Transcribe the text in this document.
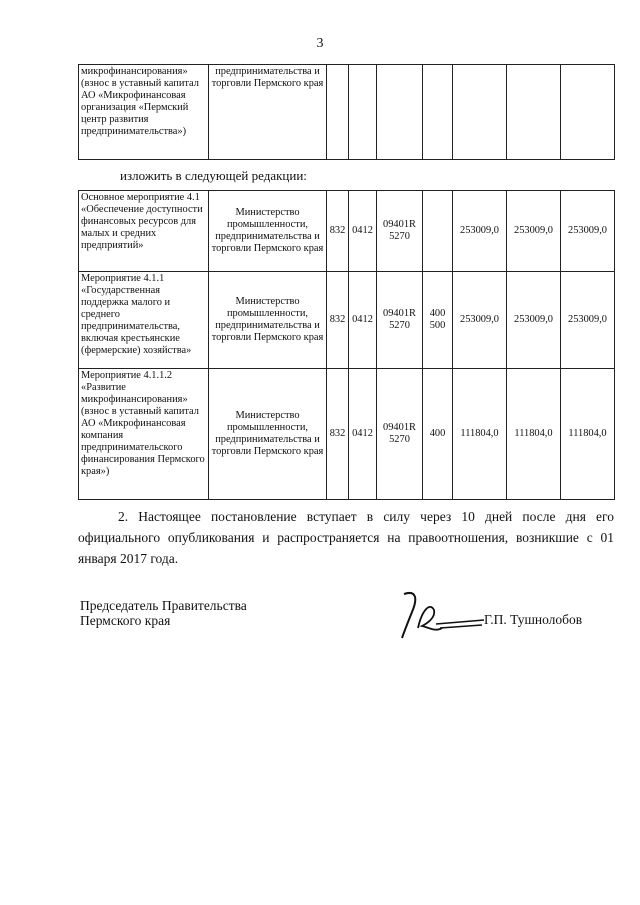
3
микрофинансирования» (взнос в уставный капитал АО «Микрофинансовая организация «Пермский центр развития предпринимательства»)	предпринимательства и торговли Пермского края							
изложить в следующей редакции:
Основное мероприятие 4.1 «Обеспечение доступности финансовых ресурсов для малых и средних предприятий»	Министерство промышленности, предпринимательства и торговли Пермского края	832	0412	09401R 5270		253009,0	253009,0	253009,0
Мероприятие 4.1.1 «Государственная поддержка малого и среднего предпринимательства, включая крестьянские (фермерские) хозяйства»	Министерство промышленности, предпринимательства и торговли Пермского края	832	0412	09401R 5270	400 500	253009,0	253009,0	253009,0
Мероприятие 4.1.1.2 «Развитие микрофинансирования» (взнос в уставный капитал АО «Микрофинансовая компания предпринимательского финансирования Пермского края»)	Министерство промышленности, предпринимательства и торговли Пермского края	832	0412	09401R 5270	400	111804,0	111804,0	111804,0

2. Настоящее постановление вступает в силу через 10 дней после дня его официального опубликования и распространяется на правоотношения, возникшие с 01 января 2017 года.

Председатель Правительства
Пермского края	Г.П. Тушнолобов
